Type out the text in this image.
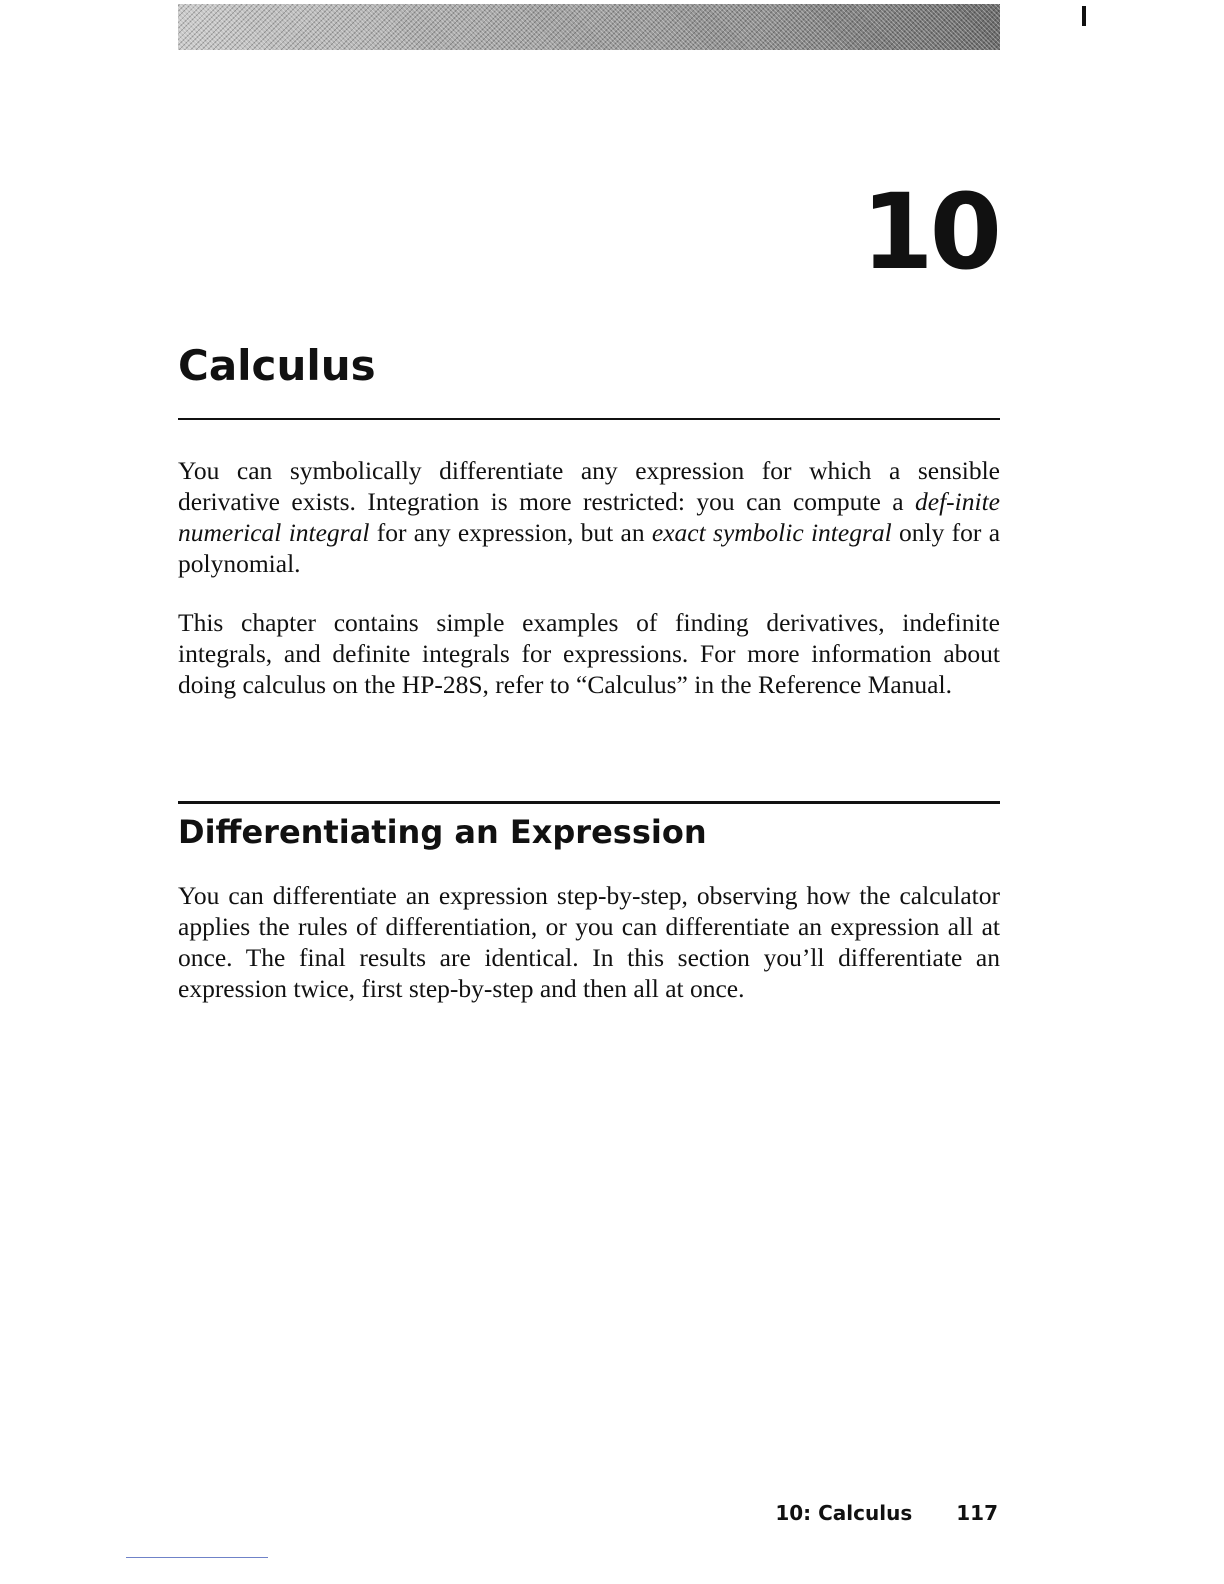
10
Calculus

You can symbolically differentiate any expression for which a sensible derivative exists. Integration is more restricted: you can compute a def-inite numerical integral for any expression, but an exact symbolic integral only for a polynomial.

This chapter contains simple examples of finding derivatives, indefinite integrals, and definite integrals for expressions. For more information about doing calculus on the HP-28S, refer to “Calculus” in the Reference Manual.

Differentiating an Expression

You can differentiate an expression step-by-step, observing how the calculator applies the rules of differentiation, or you can differentiate an expression all at once. The final results are identical. In this section you’ll differentiate an expression twice, first step-by-step and then all at once.

10: Calculus 117
